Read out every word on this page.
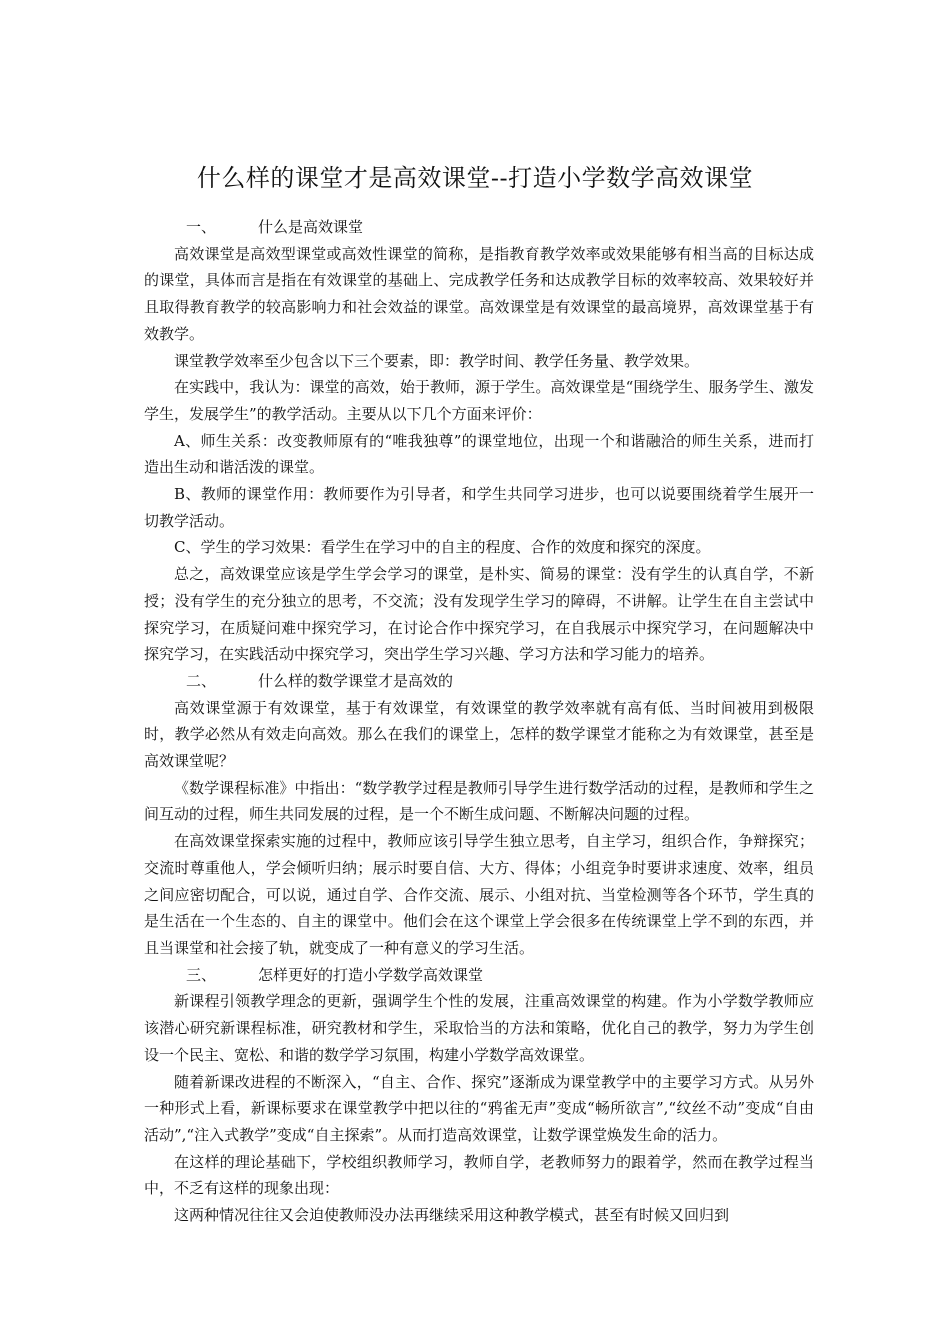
什么样的课堂才是高效课堂--打造小学数学高效课堂

一、	什么是高效课堂

高效课堂是高效型课堂或高效性课堂的简称，是指教育教学效率或效果能够有相当高的目标达成的课堂，具体而言是指在有效课堂的基础上、完成教学任务和达成教学目标的效率较高、效果较好并且取得教育教学的较高影响力和社会效益的课堂。高效课堂是有效课堂的最高境界，高效课堂基于有效教学。

课堂教学效率至少包含以下三个要素，即：教学时间、教学任务量、教学效果。

在实践中，我认为：课堂的高效，始于教师，源于学生。高效课堂是“围绕学生、服务学生、激发学生，发展学生”的教学活动。主要从以下几个方面来评价：

A、师生关系：改变教师原有的“唯我独尊”的课堂地位，出现一个和谐融洽的师生关系，进而打造出生动和谐活泼的课堂。

B、教师的课堂作用：教师要作为引导者，和学生共同学习进步，也可以说要围绕着学生展开一切教学活动。

C、学生的学习效果：看学生在学习中的自主的程度、合作的效度和探究的深度。

总之，高效课堂应该是学生学会学习的课堂，是朴实、简易的课堂：没有学生的认真自学，不新授；没有学生的充分独立的思考，不交流；没有发现学生学习的障碍，不讲解。让学生在自主尝试中探究学习，在质疑问难中探究学习，在讨论合作中探究学习，在自我展示中探究学习，在问题解决中探究学习，在实践活动中探究学习，突出学生学习兴趣、学习方法和学习能力的培养。

二、	什么样的数学课堂才是高效的

高效课堂源于有效课堂，基于有效课堂，有效课堂的教学效率就有高有低、当时间被用到极限时，教学必然从有效走向高效。那么在我们的课堂上，怎样的数学课堂才能称之为有效课堂，甚至是高效课堂呢？

《数学课程标准》中指出：“数学教学过程是教师引导学生进行数学活动的过程，是教师和学生之间互动的过程，师生共同发展的过程，是一个不断生成问题、不断解决问题的过程。

在高效课堂探索实施的过程中，教师应该引导学生独立思考，自主学习，组织合作，争辩探究；交流时尊重他人，学会倾听归纳；展示时要自信、大方、得体；小组竞争时要讲求速度、效率，组员之间应密切配合，可以说，通过自学、合作交流、展示、小组对抗、当堂检测等各个环节，学生真的是生活在一个生态的、自主的课堂中。他们会在这个课堂上学会很多在传统课堂上学不到的东西，并且当课堂和社会接了轨，就变成了一种有意义的学习生活。

三、	怎样更好的打造小学数学高效课堂

新课程引领教学理念的更新，强调学生个性的发展，注重高效课堂的构建。作为小学数学教师应该潜心研究新课程标准，研究教材和学生，采取恰当的方法和策略，优化自己的教学，努力为学生创设一个民主、宽松、和谐的数学学习氛围，构建小学数学高效课堂。

随着新课改进程的不断深入，“自主、合作、探究”逐渐成为课堂教学中的主要学习方式。从另外一种形式上看，新课标要求在课堂教学中把以往的“鸦雀无声”变成“畅所欲言”,“纹丝不动”变成“自由活动”,“注入式教学”变成“自主探索”。从而打造高效课堂，让数学课堂焕发生命的活力。

在这样的理论基础下，学校组织教师学习，教师自学，老教师努力的跟着学，然而在教学过程当中，不乏有这样的现象出现：

这两种情况往往又会迫使教师没办法再继续采用这种教学模式，甚至有时候又回归到
